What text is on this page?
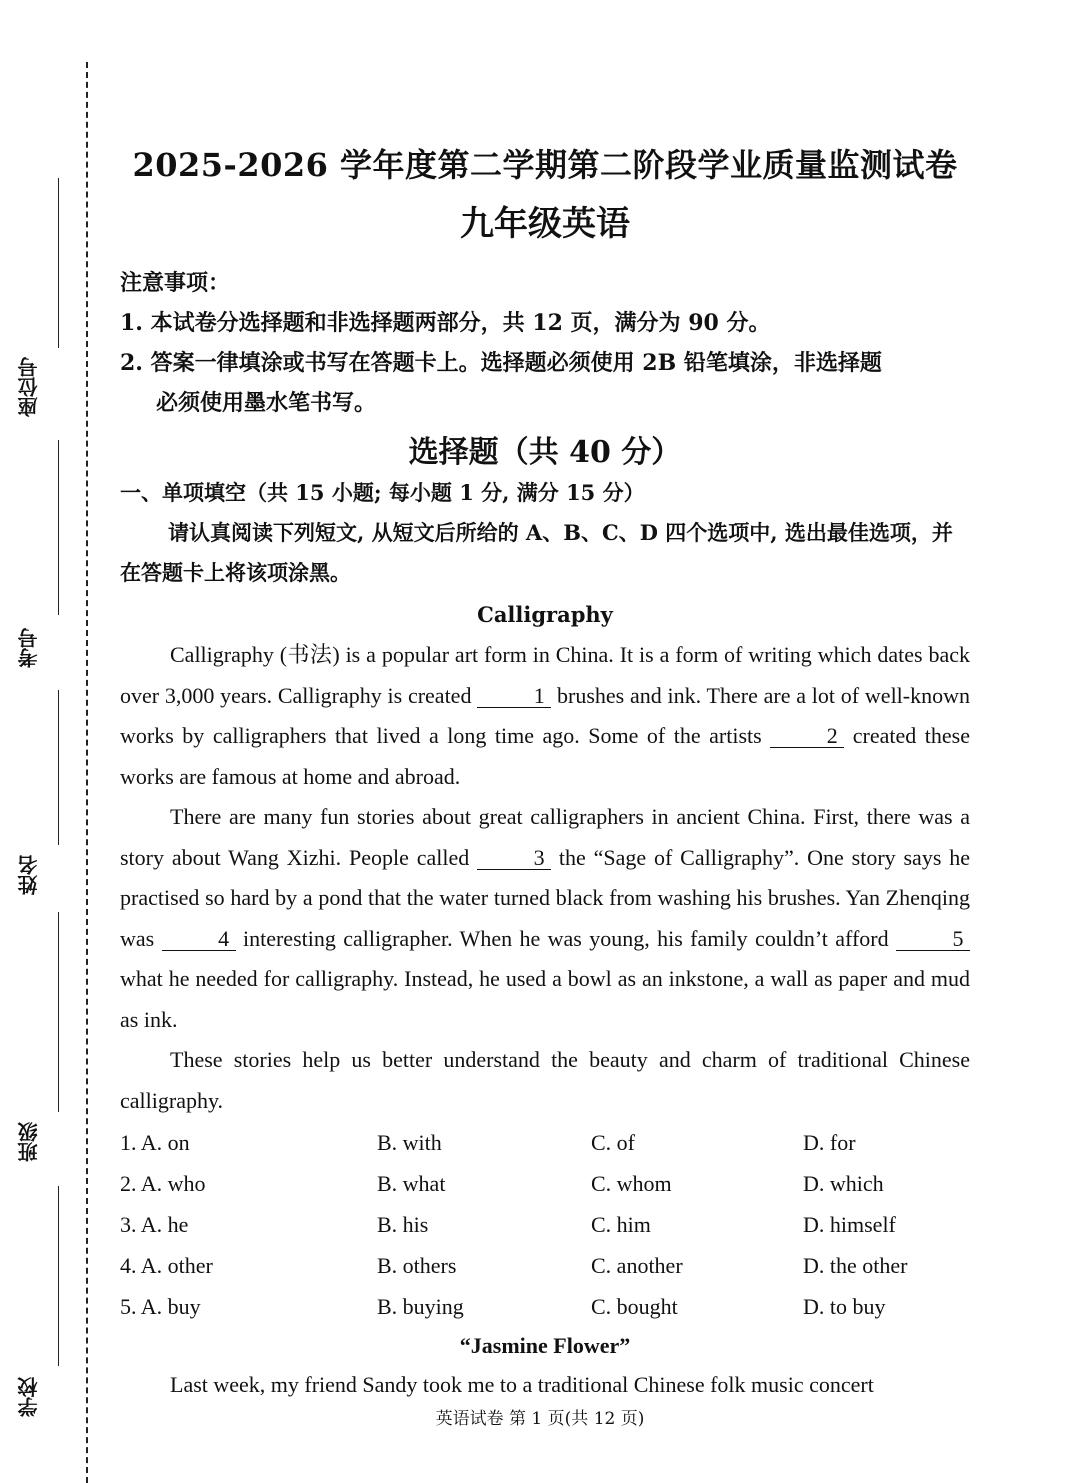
座位号
考号
姓名
班级
学校
2025-2026 学年度第二学期第二阶段学业质量监测试卷
九年级英语
注意事项：
1. 本试卷分选择题和非选择题两部分，共 12 页，满分为 90 分。
2. 答案一律填涂或书写在答题卡上。选择题必须使用 2B 铅笔填涂，非选择题
必须使用墨水笔书写。
选择题（共 40 分）
一、单项填空（共 15 小题; 每小题 1 分, 满分 15 分）
请认真阅读下列短文, 从短文后所给的 A、B、C、D 四个选项中, 选出最佳选项，并在答题卡上将该项涂黑。
Calligraphy

Calligraphy (书法) is a popular art form in China. It is a form of writing which dates back over 3,000 years. Calligraphy is created	1 brushes and ink. There are a lot of well-known works by calligraphers that lived a long time ago. Some of the artists	2 created these works are famous at home and abroad.

There are many fun stories about great calligraphers in ancient China. First, there was a story about Wang Xizhi. People called	3 the “Sage of Calligraphy”. One story says he practised so hard by a pond that the water turned black from washing his brushes. Yan Zhenqing was	4 interesting calligrapher. When he was young, his family couldn’t afford	5 what he needed for calligraphy. Instead, he used a bowl as an inkstone, a wall as paper and mud as ink.

These stories help us better understand the beauty and charm of traditional Chinese calligraphy.

1. A. on	B. with	C. of	D. for
2. A. who	B. what	C. whom	D. which
3. A. he	B. his	C. him	D. himself
4. A. other	B. others	C. another	D. the other
5. A. buy	B. buying	C. bought	D. to buy
“Jasmine Flower”

Last week, my friend Sandy took me to a traditional Chinese folk music concert

英语试卷 第 1 页(共 12 页)
